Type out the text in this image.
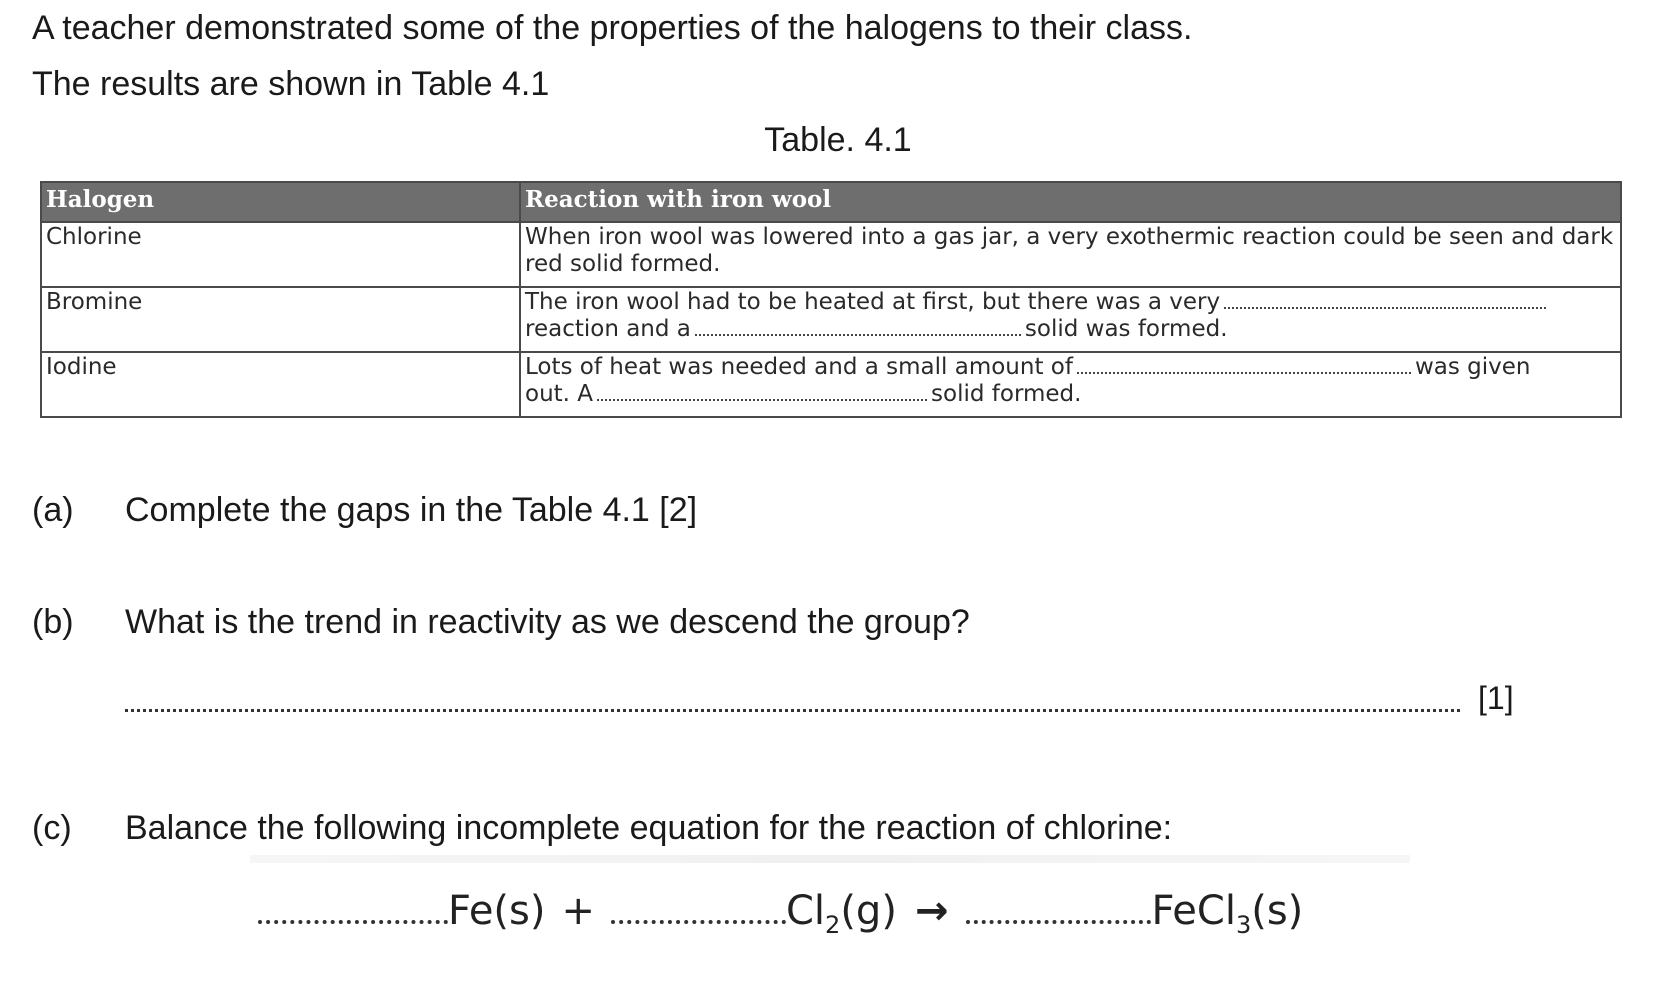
A teacher demonstrated some of the properties of the halogens to their class.
The results are shown in Table 4.1
Table. 4.1
Halogen	Reaction with iron wool
Chlorine	When iron wool was lowered into a gas jar, a very exothermic reaction could be seen and dark red solid formed.
Bromine	The iron wool had to be heated at first, but there was a very
reaction and a solid was formed.
Iodine	Lots of heat was needed and a small amount of was given
out. A solid formed.
(a) Complete the gaps in the Table 4.1 [2]
(b) What is the trend in reactivity as we descend the group?
[1]
(c) Balance the following incomplete equation for the reaction of chlorine:
Fe(s) +	$Cl_2(g)$ →	FeCl$_3$(s)
